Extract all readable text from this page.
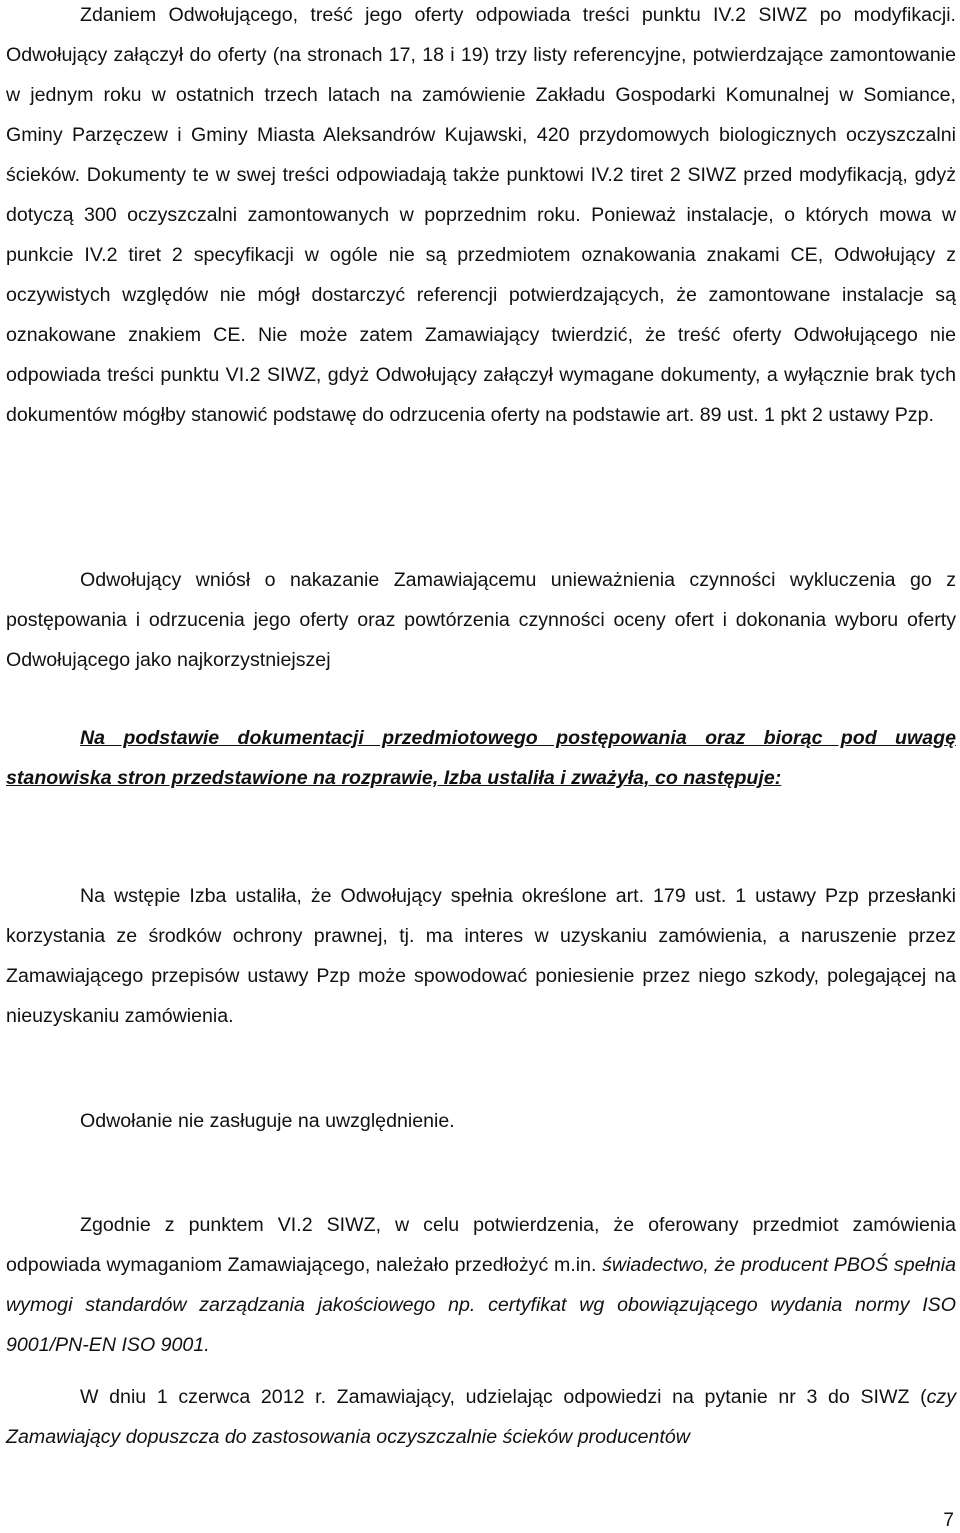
Zdaniem Odwołującego, treść jego oferty odpowiada treści punktu IV.2 SIWZ po modyfikacji. Odwołujący załączył do oferty (na stronach 17, 18 i 19) trzy listy referencyjne, potwierdzające zamontowanie w jednym roku w ostatnich trzech latach na zamówienie Zakładu Gospodarki Komunalnej w Somiance, Gminy Parzęczew i Gminy Miasta Aleksandrów Kujawski, 420 przydomowych biologicznych oczyszczalni ścieków. Dokumenty te w swej treści odpowiadają także punktowi IV.2 tiret 2 SIWZ przed modyfikacją, gdyż dotyczą 300 oczyszczalni zamontowanych w poprzednim roku. Ponieważ instalacje, o których mowa w punkcie IV.2 tiret 2 specyfikacji w ogóle nie są przedmiotem oznakowania znakami CE, Odwołujący z oczywistych względów nie mógł dostarczyć referencji potwierdzających, że zamontowane instalacje są oznakowane znakiem CE. Nie może zatem Zamawiający twierdzić, że treść oferty Odwołującego nie odpowiada treści punktu VI.2 SIWZ, gdyż Odwołujący załączył wymagane dokumenty, a wyłącznie brak tych dokumentów mógłby stanowić podstawę do odrzucenia oferty na podstawie art. 89 ust. 1 pkt 2 ustawy Pzp.

Odwołujący wniósł o nakazanie Zamawiającemu unieważnienia czynności wykluczenia go z postępowania i odrzucenia jego oferty oraz powtórzenia czynności oceny ofert i dokonania wyboru oferty Odwołującego jako najkorzystniejszej

Na podstawie dokumentacji przedmiotowego postępowania oraz biorąc pod uwagę stanowiska stron przedstawione na rozprawie, Izba ustaliła i zważyła, co następuje:

Na wstępie Izba ustaliła, że Odwołujący spełnia określone art. 179 ust. 1 ustawy Pzp przesłanki korzystania ze środków ochrony prawnej, tj. ma interes w uzyskaniu zamówienia, a naruszenie przez Zamawiającego przepisów ustawy Pzp może spowodować poniesienie przez niego szkody, polegającej na nieuzyskaniu zamówienia.

Odwołanie nie zasługuje na uwzględnienie.

Zgodnie z punktem VI.2 SIWZ, w celu potwierdzenia, że oferowany przedmiot zamówienia odpowiada wymaganiom Zamawiającego, należało przedłożyć m.in. świadectwo, że producent PBOŚ spełnia wymogi standardów zarządzania jakościowego np. certyfikat wg obowiązującego wydania normy ISO 9001/PN-EN ISO 9001.

W dniu 1 czerwca 2012 r. Zamawiający, udzielając odpowiedzi na pytanie nr 3 do SIWZ (czy Zamawiający dopuszcza do zastosowania oczyszczalnie ścieków producentów

7
